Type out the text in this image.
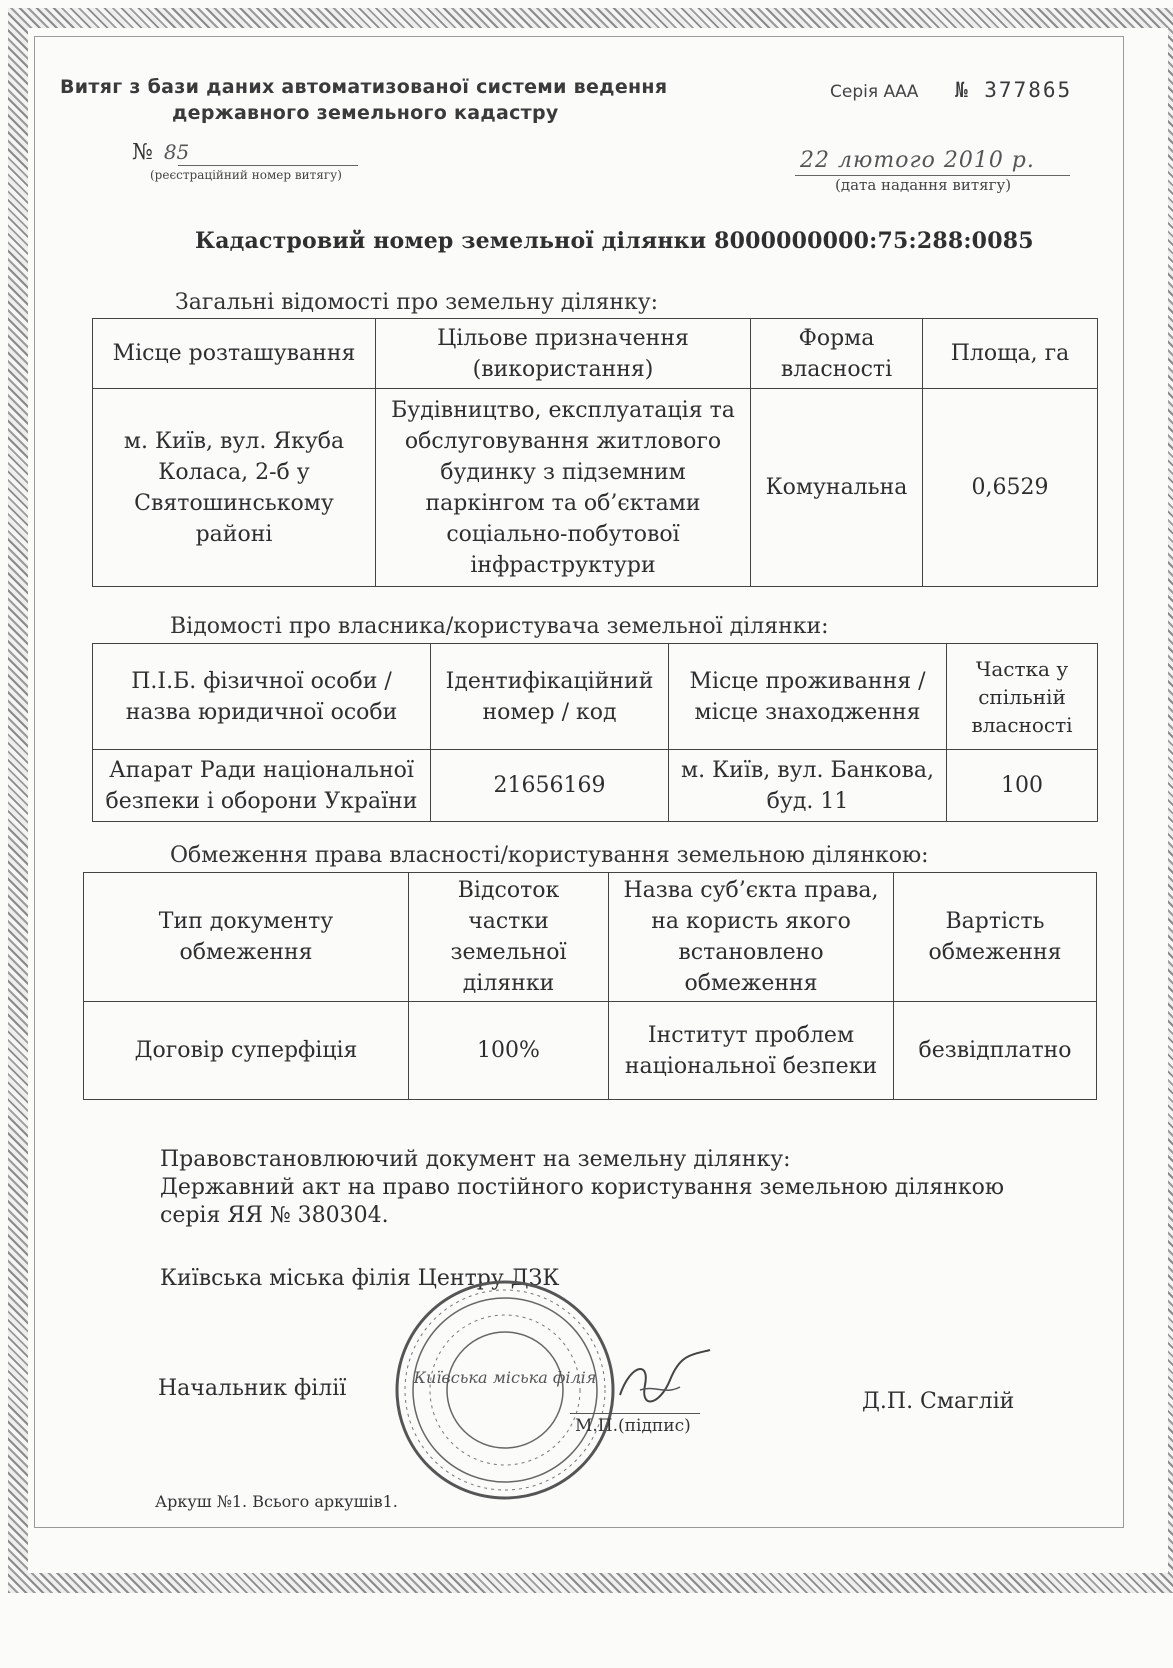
Витяг з бази даних автоматизованої системи ведення
державного земельного кадастру
Серія ААА № 377865
№ 85
(реєстраційний номер витягу)
22 лютого 2010 р.
(дата надання витягу)
Кадастровий номер земельної ділянки 8000000000:75:288:0085
Загальні відомості про земельну ділянку:
Місце розташування	Цільове призначення (використання)	Форма власності	Площа, га
м. Київ, вул. Якуба Коласа, 2-б у Святошинському районі	Будівництво, експлуатація та обслуговування житлового будинку з підземним паркінгом та об’єктами соціально-побутової інфраструктури	Комунальна	0,6529
Відомості про власника/користувача земельної ділянки:
П.І.Б. фізичної особи /назва юридичної особи	Ідентифікаційний номер / код	Місце проживання / місце знаходження	Частка у спільній власності
Апарат Ради національної безпеки і оборони України	21656169	м. Київ, вул. Банкова, буд. 11	100
Обмеження права власності/користування земельною ділянкою:
Тип документу обмеження	Відсоток частки земельної ділянки	Назва суб’єкта права, на користь якого встановлено обмеження	Вартість обмеження
Договір суперфіція	100%	Інститут проблем національної безпеки	безвідплатно
Правовстановлюючий документ на земельну ділянку:
Державний акт на право постійного користування земельною ділянкою
серія ЯЯ № 380304.
Київська міська філія Центру ДЗК
Київська міська філія
Начальник філії
М.П.(підпис)
Д.П. Смаглій
Аркуш №1. Всього аркушів1.
